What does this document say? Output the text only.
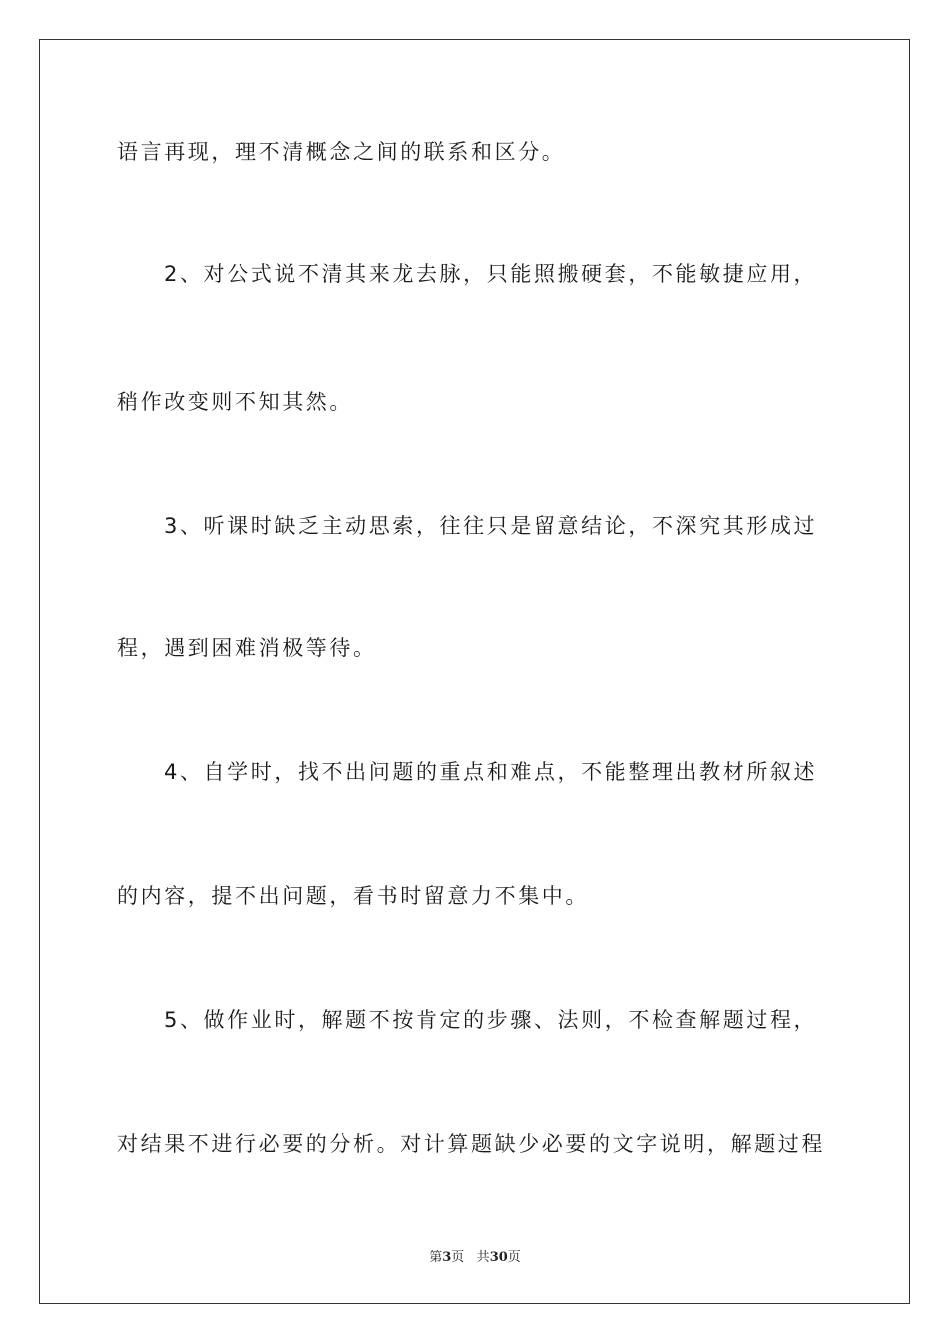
语言再现，理不清概念之间的联系和区分。
2、对公式说不清其来龙去脉，只能照搬硬套，不能敏捷应用，
稍作改变则不知其然。
3、听课时缺乏主动思索，往往只是留意结论，不深究其形成过
程，遇到困难消极等待。
4、自学时，找不出问题的重点和难点，不能整理出教材所叙述
的内容，提不出问题，看书时留意力不集中。
5、做作业时，解题不按肯定的步骤、法则，不检查解题过程，
对结果不进行必要的分析。对计算题缺少必要的文字说明，解题过程
第3页 共30页
